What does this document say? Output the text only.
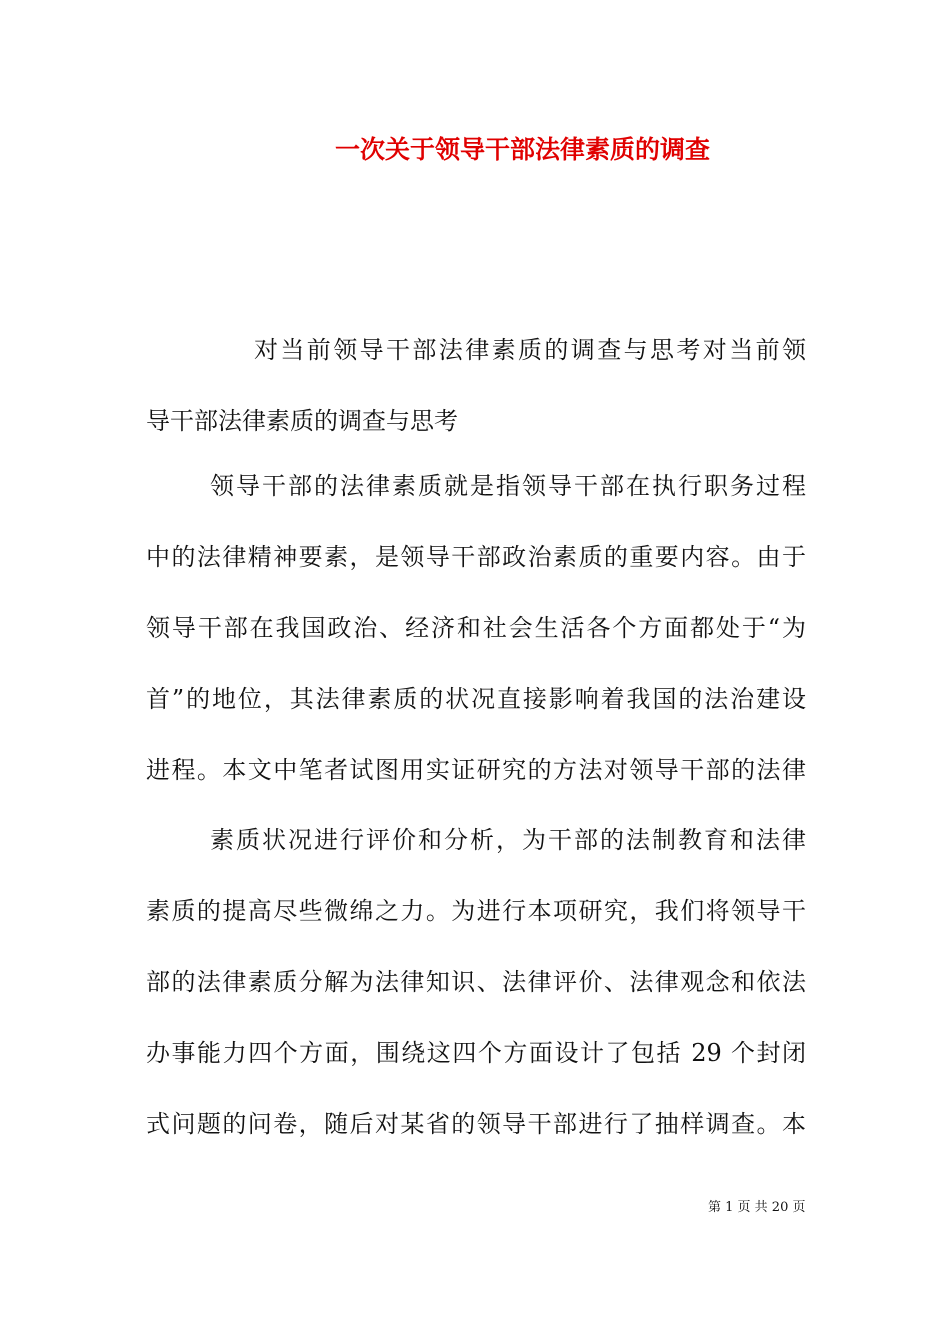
一次关于领导干部法律素质的调查
对当前领导干部法律素质的调查与思考对当前领
导干部法律素质的调查与思考
领导干部的法律素质就是指领导干部在执行职务过程
中的法律精神要素，是领导干部政治素质的重要内容。由于
领导干部在我国政治、经济和社会生活各个方面都处于“为
首”的地位，其法律素质的状况直接影响着我国的法治建设
进程。本文中笔者试图用实证研究的方法对领导干部的法律
素质状况进行评价和分析，为干部的法制教育和法律
素质的提高尽些微绵之力。为进行本项研究，我们将领导干
部的法律素质分解为法律知识、法律评价、法律观念和依法
办事能力四个方面，围绕这四个方面设计了包括 29 个封闭
式问题的问卷，随后对某省的领导干部进行了抽样调查。本
第 1 页 共 20 页
